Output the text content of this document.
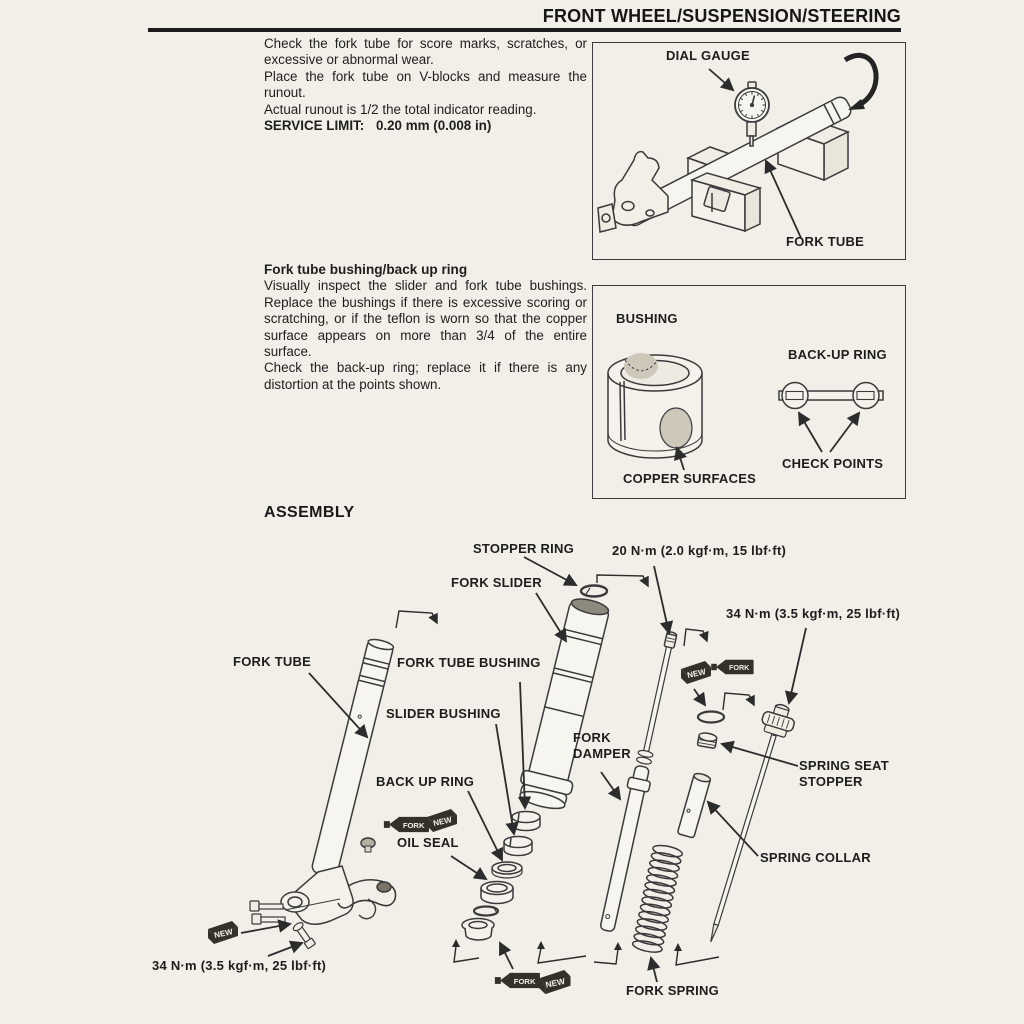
FORK NEW
NEW FORK
FORK NEW
NEW
FRONT WHEEL/SUSPENSION/STEERING

Check the fork tube for score marks, scratches, or excessive or abnormal wear.

Place the fork tube on V-blocks and measure the runout.

Actual runout is 1/2 the total indicator reading.

SERVICE LIMIT: 0.20 mm (0.008 in)

Fork tube bushing/back up ring

Visually inspect the slider and fork tube bushings. Replace the bushings if there is excessive scoring or scratching, or if the teflon is worn so that the copper surface appears on more than 3/4 of the entire surface.

Check the back-up ring; replace it if there is any distortion at the points shown.

DIAL GAUGE
FORK TUBE
BUSHING
BACK-UP RING
COPPER SURFACES
CHECK POINTS
ASSEMBLY
STOPPER RING
FORK SLIDER
20 N·m (2.0 kgf·m, 15 lbf·ft)
34 N·m (3.5 kgf·m, 25 lbf·ft)
FORK TUBE	FORK TUBE BUSHING
SLIDER BUSHING
BACK UP RING
OIL SEAL
FORK DAMPER
SPRING SEAT STOPPER
SPRING COLLAR
FORK SPRING
34 N·m (3.5 kgf·m, 25 lbf·ft)
